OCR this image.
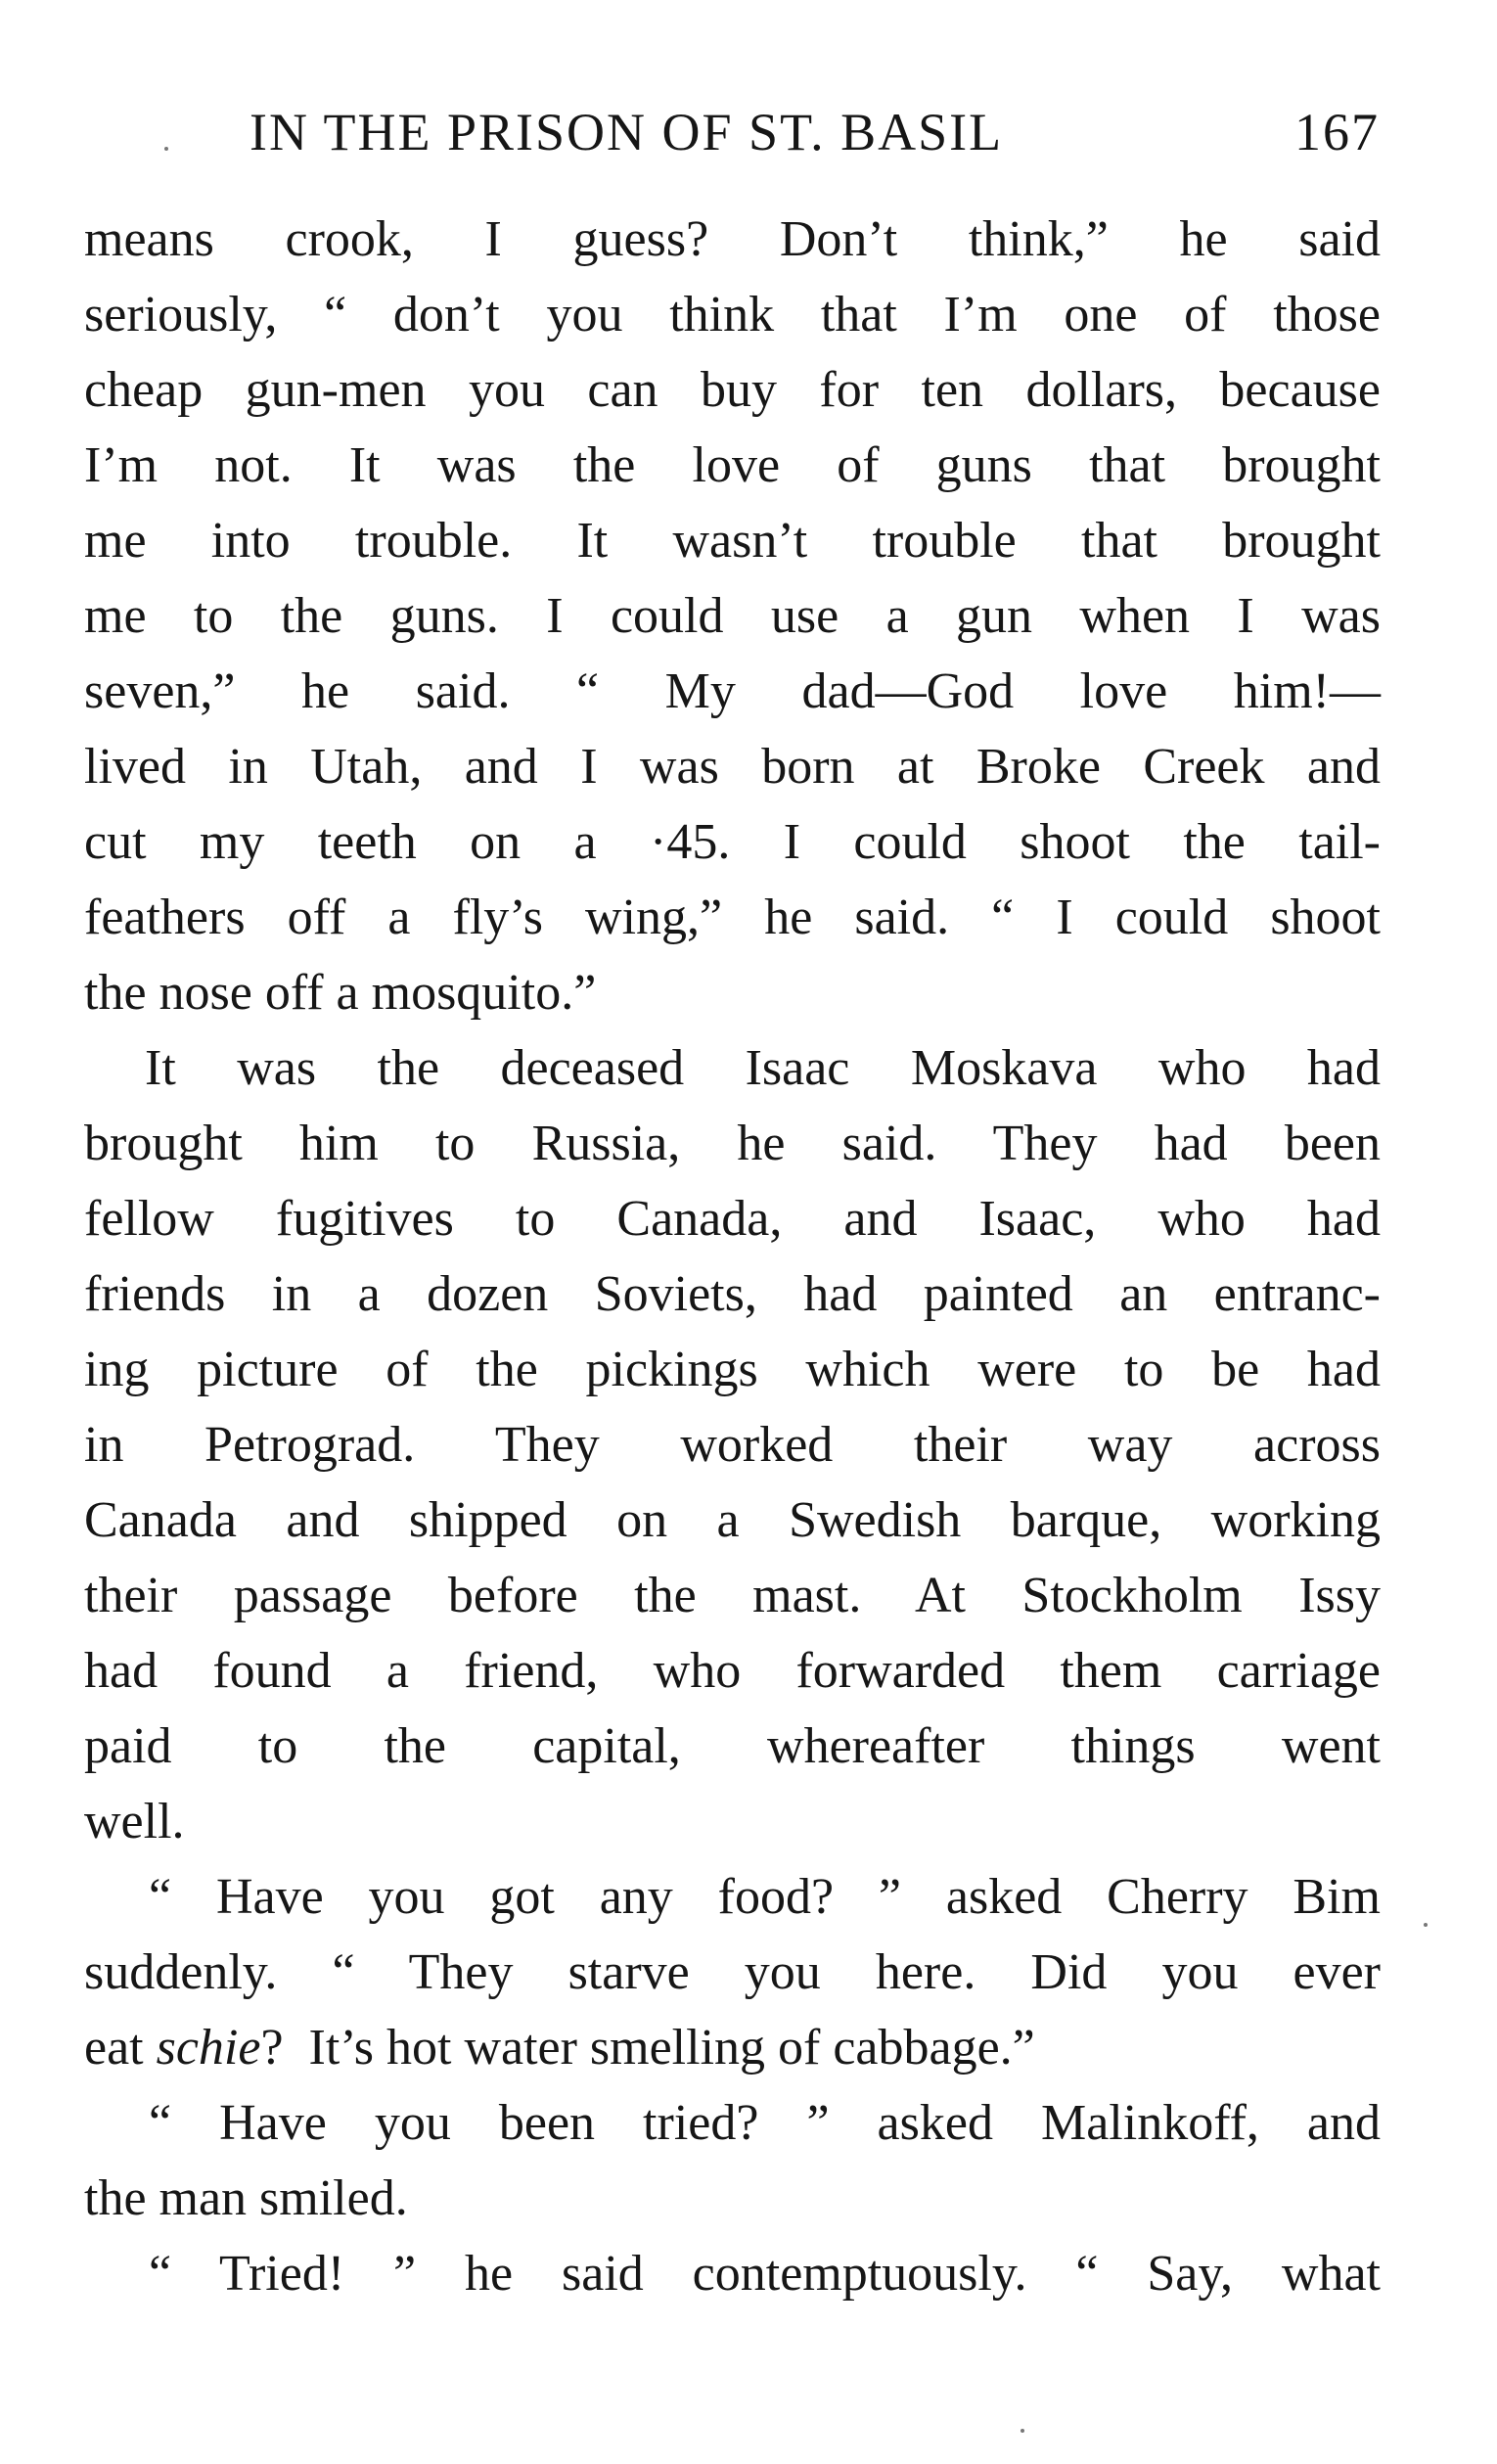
IN THE PRISON OF ST. BASIL	167
means crook, I guess? Don’t think,” he said
seriously, “ don’t you think that I’m one of those
cheap gun-men you can buy for ten dollars, because
I’m not. It was the love of guns that brought
me into trouble. It wasn’t trouble that brought
me to the guns. I could use a gun when I was
seven,” he said. “ My dad—God love him!—
lived in Utah, and I was born at Broke Creek and
cut my teeth on a ·45. I could shoot the tail-
feathers off a fly’s wing,” he said. “ I could shoot
the nose off a mosquito.”
It was the deceased Isaac Moskava who had
brought him to Russia, he said. They had been
fellow fugitives to Canada, and Isaac, who had
friends in a dozen Soviets, had painted an entranc-
ing picture of the pickings which were to be had
in Petrograd. They worked their way across
Canada and shipped on a Swedish barque, working
their passage before the mast. At Stockholm Issy
had found a friend, who forwarded them carriage
paid to the capital, whereafter things went
well.
“ Have you got any food? ” asked Cherry Bim
suddenly. “ They starve you here. Did you ever
eat schie? It’s hot water smelling of cabbage.”
“ Have you been tried? ” asked Malinkoff, and
the man smiled.
“ Tried! ” he said contemptuously. “ Say, what
